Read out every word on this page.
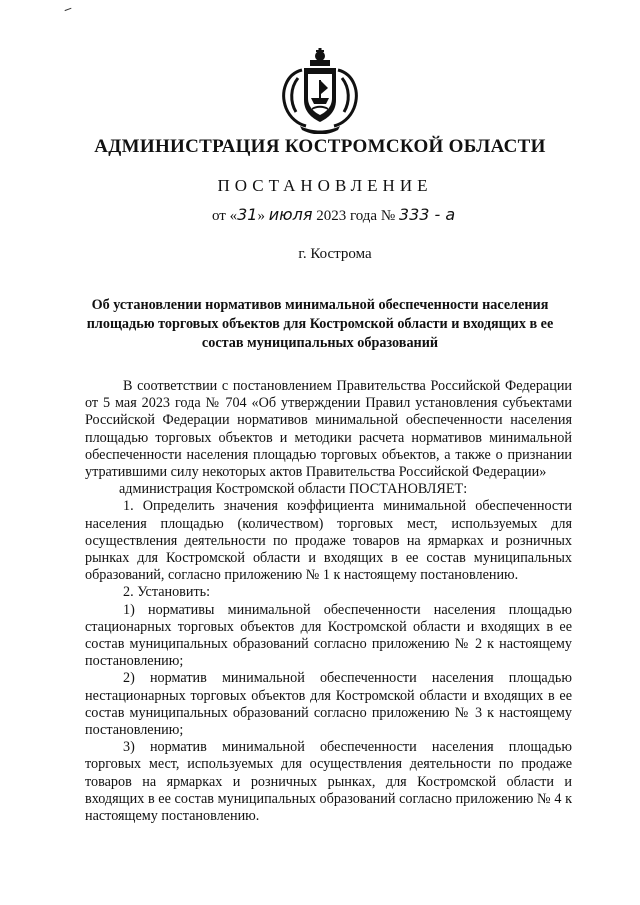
АДМИНИСТРАЦИЯ КОСТРОМСКОЙ ОБЛАСТИ
ПОСТАНОВЛЕНИЕ
от «31» июля 2023 года № 333 - а
г. Кострома
Об установлении нормативов минимальной обеспеченности населения площадью торговых объектов для Костромской области и входящих в ее состав муниципальных образований

В соответствии с постановлением Правительства Российской Федерации от 5 мая 2023 года № 704 «Об утверждении Правил установления субъектами Российской Федерации нормативов минимальной обеспеченности населения площадью торговых объектов и методики расчета нормативов минимальной обеспеченности населения площадью торговых объектов, а также о признании утратившими силу некоторых актов Правительства Российской Федерации»

администрация Костромской области ПОСТАНОВЛЯЕТ:

1. Определить значения коэффициента минимальной обеспеченности населения площадью (количеством) торговых мест, используемых для осуществления деятельности по продаже товаров на ярмарках и розничных рынках для Костромской области и входящих в ее состав муниципальных образований, согласно приложению № 1 к настоящему постановлению.

2. Установить:

1) нормативы минимальной обеспеченности населения площадью стационарных торговых объектов для Костромской области и входящих в ее состав муниципальных образований согласно приложению № 2 к настоящему постановлению;

2) норматив минимальной обеспеченности населения площадью нестационарных торговых объектов для Костромской области и входящих в ее состав муниципальных образований согласно приложению № 3 к настоящему постановлению;

3) норматив минимальной обеспеченности населения площадью торговых мест, используемых для осуществления деятельности по продаже товаров на ярмарках и розничных рынках, для Костромской области и входящих в ее состав муниципальных образований согласно приложению № 4 к настоящему постановлению.
